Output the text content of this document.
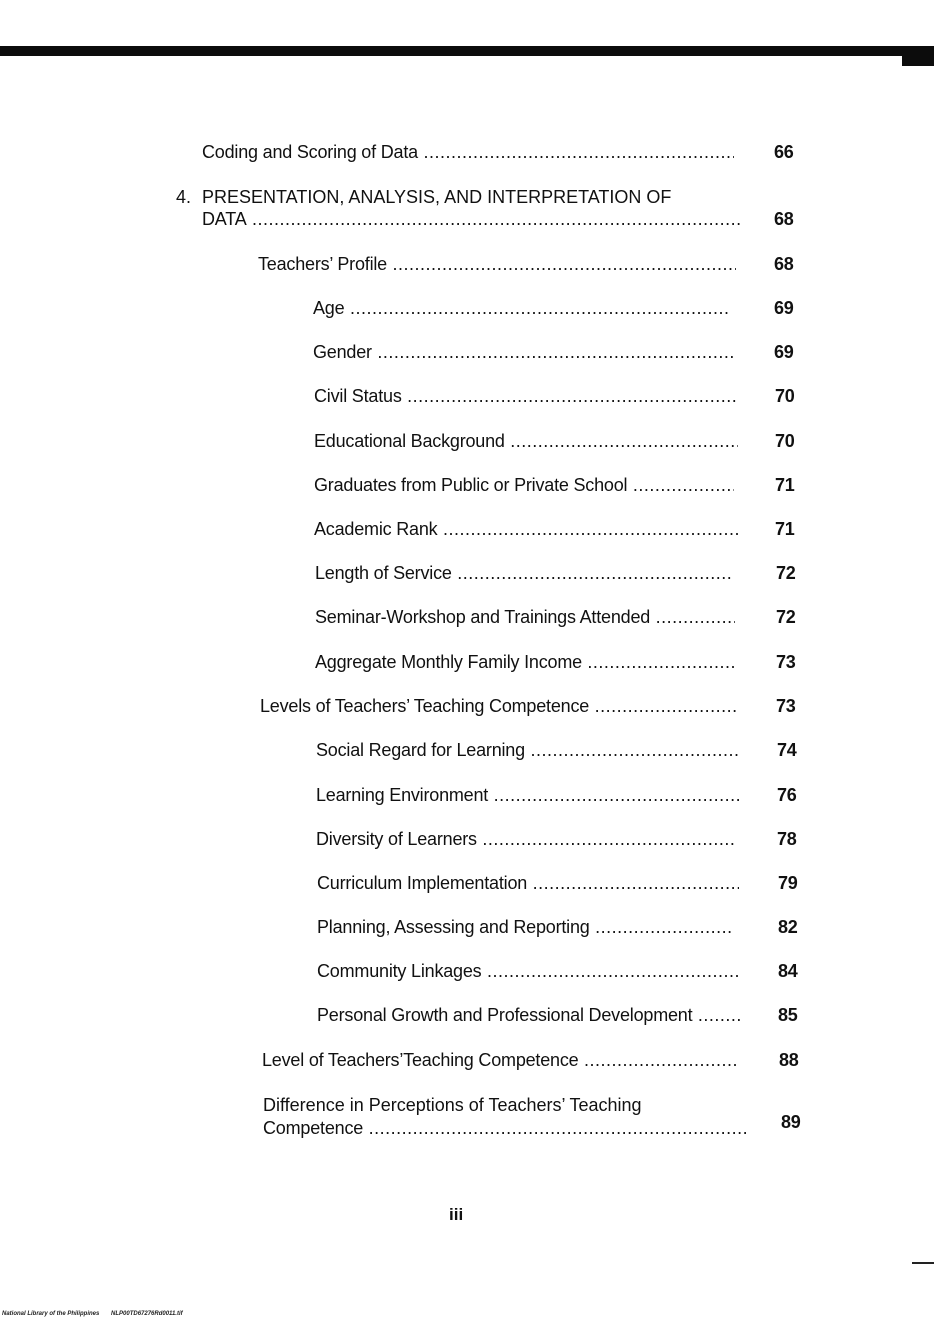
Coding and Scoring of Data .....	66
4. PRESENTATION, ANALYSIS, AND INTERPRETATION OF
DATA .....	68
Teachers’ Profile .....	68
Age .....	69
Gender .....	69
Civil Status .....	70
Educational Background .....	70
Graduates from Public or Private School .....	71
Academic Rank .....	71
Length of Service .....	72
Seminar-Workshop and Trainings Attended .....	72
Aggregate Monthly Family Income .....	73
Levels of Teachers’ Teaching Competence .....	73
Social Regard for Learning .....	74
Learning Environment .....	76
Diversity of Learners .....	78
Curriculum Implementation .....	79
Planning, Assessing and Reporting .....	82
Community Linkages .....	84
Personal Growth and Professional Development .....	85
Level of Teachers’Teaching Competence .....	88
Difference in Perceptions of Teachers’ Teaching
Competence .....	89
iii
National Library of the Philippines NLP00TD67276Rd0011.tif
